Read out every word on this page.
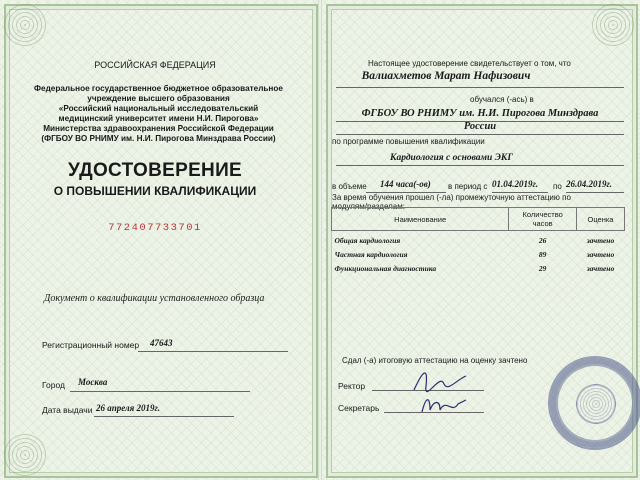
РОССИЙСКАЯ ФЕДЕРАЦИЯ
Федеральное государственное бюджетное образовательное
учреждение высшего образования
«Российский национальный исследовательский
медицинский университет имени Н.И. Пирогова»
Министерства здравоохранения Российской Федерации
(ФГБОУ ВО РНИМУ им. Н.И. Пирогова Минздрава России)
УДОСТОВЕРЕНИЕ
О ПОВЫШЕНИИ КВАЛИФИКАЦИИ
772407733701
Документ о квалификации установленного образца
Регистрационный номер 47643
Город Москва
Дата выдачи 26 апреля 2019г.
Настоящее удостоверение свидетельствует о том, что
Валиахметов Марат Нафизович
обучался (-ась) в
ФГБОУ ВО РНИМУ им. Н.И. Пирогова Минздрава
России
по программе повышения квалификации
Кардиология с основами ЭКГ
в объеме 144 часа(-ов) в период с 01.04.2019г. по 26.04.2019г.
За время обучения прошел (-ла) промежуточную аттестацию по
модулям/разделам:
Наименование	Количество часов	Оценка
Общая кардиология	26	зачтено
Частная кардиология	89	зачтено
Функциональная диагностика	29	зачтено
Сдал (-а) итоговую аттестацию на оценку зачтено
Ректор
Секретарь
